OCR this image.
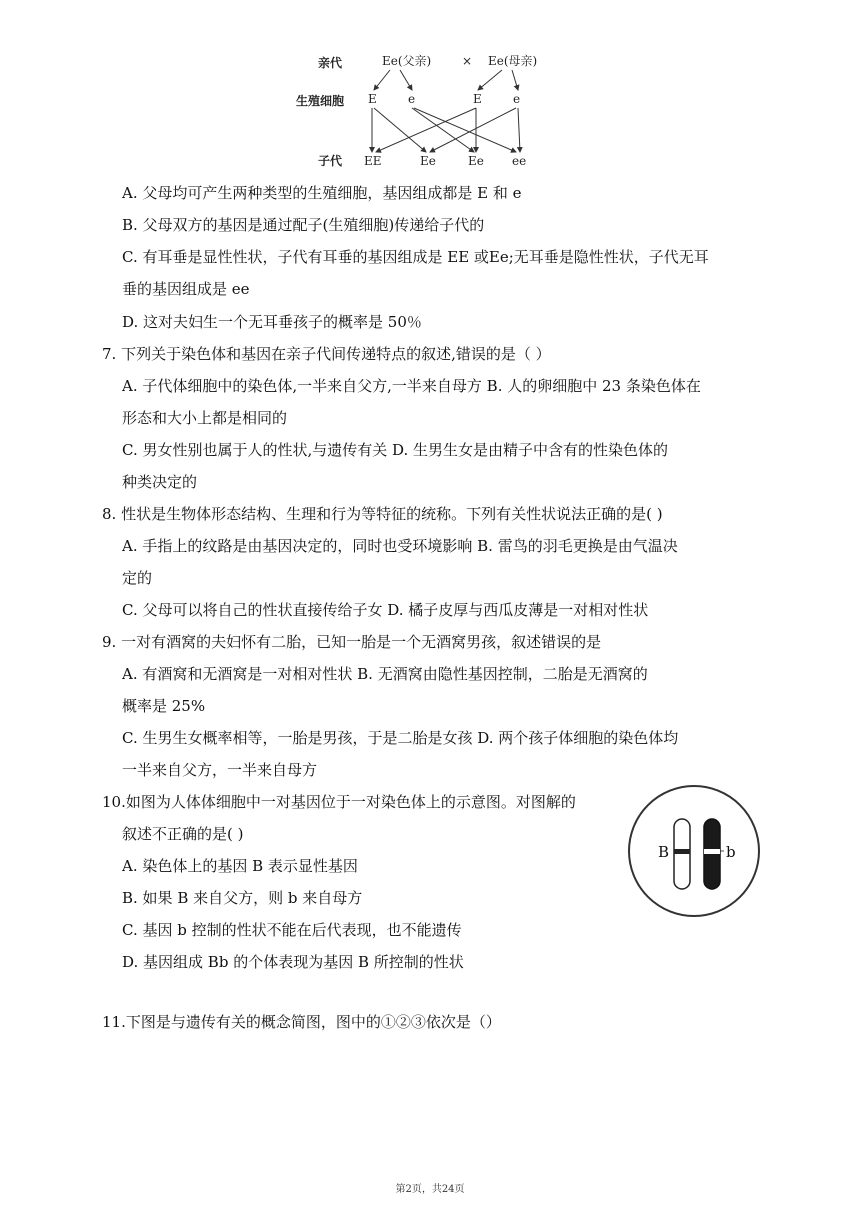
亲代
生殖细胞
子代
Ee(父亲)	× Ee(母亲)
E	e	E	e
EE	Ee	Ee ee
A. 父母均可产生两种类型的生殖细胞，基因组成都是 E 和 e
B. 父母双方的基因是通过配子(生殖细胞)传递给子代的
C. 有耳垂是显性性状，子代有耳垂的基因组成是 EE 或Ee;无耳垂是隐性性状，子代无耳
垂的基因组成是 ee
D. 这对夫妇生一个无耳垂孩子的概率是 50％
7. 下列关于染色体和基因在亲子代间传递特点的叙述,错误的是（ ）
A. 子代体细胞中的染色体,一半来自父方,一半来自母方 B. 人的卵细胞中 23 条染色体在
形态和大小上都是相同的
C. 男女性别也属于人的性状,与遗传有关 D. 生男生女是由精子中含有的性染色体的
种类决定的
8. 性状是生物体形态结构、生理和行为等特征的统称。下列有关性状说法正确的是( )
A. 手指上的纹路是由基因决定的，同时也受环境影响 B. 雷鸟的羽毛更换是由气温决
定的
C. 父母可以将自己的性状直接传给子女 D. 橘子皮厚与西瓜皮薄是一对相对性状
9. 一对有酒窝的夫妇怀有二胎，已知一胎是一个无酒窝男孩，叙述错误的是
A. 有酒窝和无酒窝是一对相对性状 B. 无酒窝由隐性基因控制，二胎是无酒窝的
概率是 25%
C. 生男生女概率相等，一胎是男孩，于是二胎是女孩 D. 两个孩子体细胞的染色体均
一半来自父方，一半来自母方
10.如图为人体体细胞中一对基因位于一对染色体上的示意图。对图解的
叙述不正确的是( )
A. 染色体上的基因 B 表示显性基因
B. 如果 B 来自父方，则 b 来自母方
C. 基因 b 控制的性状不能在后代表现，也不能遗传
D. 基因组成 Bb 的个体表现为基因 B 所控制的性状
B	b
11.下图是与遗传有关的概念简图，图中的①②③依次是（）
第2页，共24页
